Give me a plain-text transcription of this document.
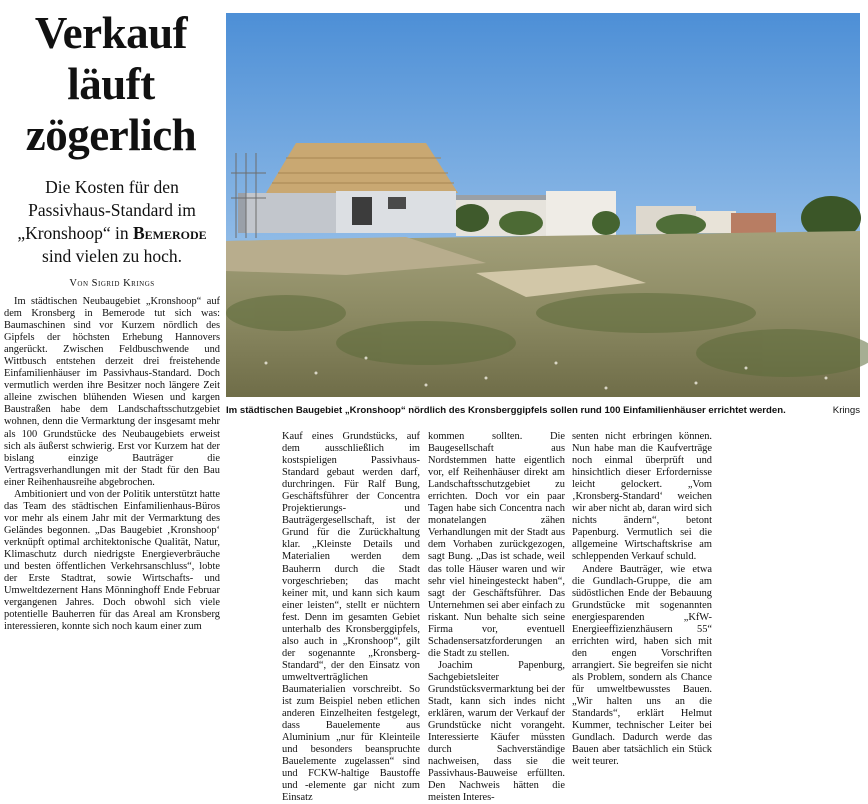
Verkauf
läuft
zögerlich
Die Kosten für den
Passivhaus-Standard im
„Kronshoop“ in Bemerode
sind vielen zu hoch.
Von Sigrid Krings

Im städtischen Neubaugebiet „Kronshoop“ auf dem Kronsberg in Bemerode tut sich was: Baumaschinen sind vor Kurzem nördlich des Gipfels der höchsten Erhebung Hannovers angerückt. Zwischen Feldbuschwende und Wittbusch entstehen derzeit drei freistehende Einfamilienhäuser im Passivhaus-Standard. Doch vermutlich werden ihre Besitzer noch längere Zeit alleine zwischen blühenden Wiesen und kargen Baustraßen habe dem Landschaftsschutzgebiet wohnen, denn die Vermarktung der insgesamt mehr als 100 Grundstücke des Neubaugebiets erweist sich als äußerst schwierig. Erst vor Kurzem hat der bislang einzige Bauträger die Vertragsverhandlungen mit der Stadt für den Bau einer Reihenhausreihe abgebrochen.

Ambitioniert und von der Politik unterstützt hatte das Team des städtischen Einfamilienhaus-Büros vor mehr als einem Jahr mit der Vermarktung des Geländes begonnen. „Das Baugebiet ‚Kronshoop‘ verknüpft optimal architektonische Qualität, Natur, Klimaschutz durch niedrigste Energieverbräuche und besten öffentlichen Verkehrsanschluss“, lobte der Erste Stadtrat, sowie Wirtschafts- und Umweltdezernent Hans Mönninghoff Ende Februar vergangenen Jahres. Doch obwohl sich viele potentielle Bauherren für das Areal am Kronsberg interessieren, konnte sich noch kaum einer zum

Im städtischen Baugebiet „Kronshoop“ nördlich des Kronsberggipfels sollen rund 100 Einfamilienhäuser errichtet werden.	Krings

Kauf eines Grundstücks, auf dem ausschließlich im kostspieligen Passivhaus-Standard gebaut werden darf, durchringen. Für Ralf Bung, Geschäftsführer der Concentra Projektierungs- und Bauträgergesellschaft, ist der Grund für die Zurückhaltung klar. „Kleinste Details und Materialien werden dem Bauherrn durch die Stadt vorgeschrieben; das macht keiner mit, und kann sich kaum einer leisten“, stellt er nüchtern fest. Denn im gesamten Gebiet unterhalb des Kronsberggipfels, also auch in „Kronshoop“, gilt der sogenannte „Kronsberg-Standard“, der den Einsatz von umweltverträglichen Baumaterialien vorschreibt. So ist zum Beispiel neben etlichen anderen Einzelheiten festgelegt, dass Bauelemente aus Aluminium „nur für Kleinteile und besonders beanspruchte Bauelemente zugelassen“ sind und FCKW-haltige Baustoffe und -elemente gar nicht zum Einsatz

kommen sollten. Die Baugesellschaft aus Nordstemmen hatte eigentlich vor, elf Reihenhäuser direkt am Landschaftsschutzgebiet zu errichten. Doch vor ein paar Tagen habe sich Concentra nach monatelangen zähen Verhandlungen mit der Stadt aus dem Vorhaben zurückgezogen, sagt Bung. „Das ist schade, weil das tolle Häuser waren und wir sehr viel hineingesteckt haben“, sagt der Geschäftsführer. Das Unternehmen sei aber einfach zu riskant. Nun behalte sich seine Firma vor, eventuell Schadensersatzforderungen an die Stadt zu stellen.

Joachim Papenburg, Sachgebietsleiter Grundstücksvermarktung bei der Stadt, kann sich indes nicht erklären, warum der Verkauf der Grundstücke nicht vorangeht. Interessierte Käufer müssten durch Sachverständige nachweisen, dass sie die Passivhaus-Bauweise erfüllten. Den Nachweis hätten die meisten Interes-

senten nicht erbringen können. Nun habe man die Kaufverträge noch einmal überprüft und hinsichtlich dieser Erfordernisse leicht gelockert. „Vom ‚Kronsberg-Standard‘ weichen wir aber nicht ab, daran wird sich nichts ändern“, betont Papenburg. Vermutlich sei die allgemeine Wirtschaftskrise am schleppenden Verkauf schuld.

Andere Bauträger, wie etwa die Gundlach-Gruppe, die am südöstlichen Ende der Bebauung Grundstücke mit sogenannten energiesparenden „KfW-Energieeffizienzhäusern 55“ errichten wird, haben sich mit den engen Vorschriften arrangiert. Sie begreifen sie nicht als Problem, sondern als Chance für umweltbewusstes Bauen. „Wir halten uns an die Standards“, erklärt Helmut Kummer, technischer Leiter bei Gundlach. Dadurch werde das Bauen aber tatsächlich ein Stück weit teurer.
